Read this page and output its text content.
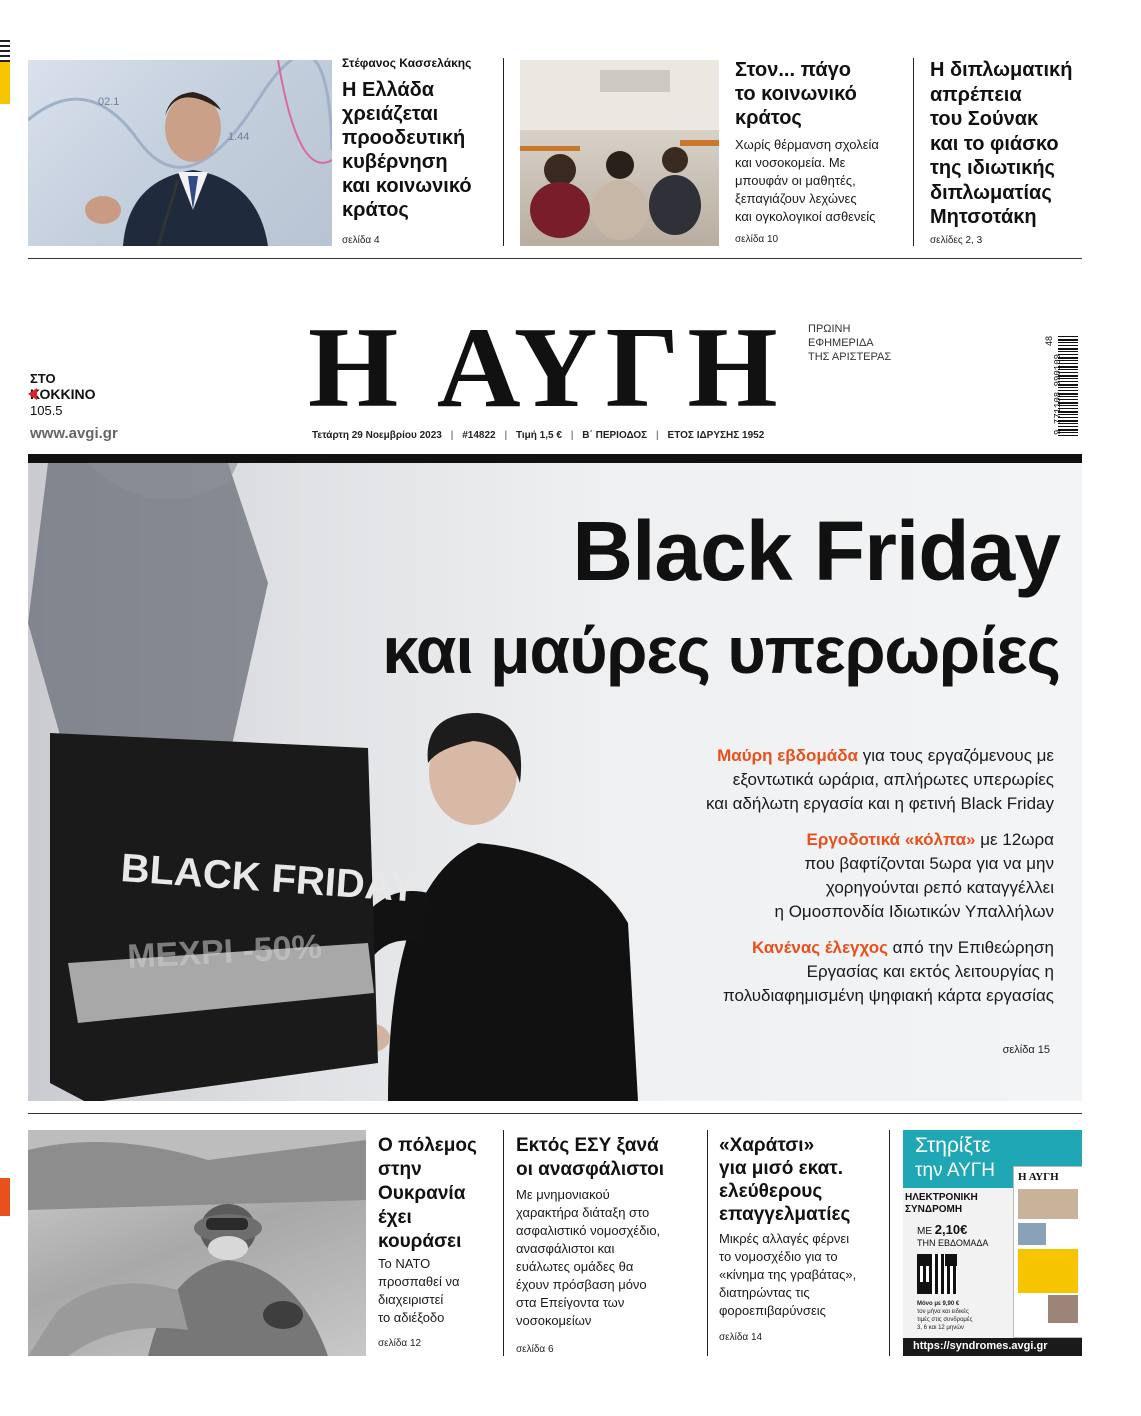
02.1
1.44
Στέφανος Κασσελάκης
Η Ελλάδα
χρειάζεται
προοδευτική
κυβέρνηση
και κοινωνικό
κράτος
σελίδα 4
Στον... πάγο
το κοινωνικό
κράτος
Χωρίς θέρμανση σχολεία
και νοσοκομεία. Με
μπουφάν οι μαθητές,
ξεπαγιάζουν λεχώνες
και ογκολογικοί ασθενείς
σελίδα 10
Η διπλωματική
απρέπεια
του Σούνακ
και το φιάσκο
της ιδιωτικής
διπλωματίας
Μητσοτάκη
σελίδες 2, 3
ΣΤΟ
ΚΟΚΚΙΝΟ
105.5
www.avgi.gr
Η ΑΥΓΗ ΠΡΩΙΝΗ
ΕΦΗΜΕΡΙΔΑ
ΤΗΣ ΑΡΙΣΤΕΡΑΣ
Τετάρτη 29 Νοεμβρίου 2023 | #14822 | Τιμή 1,5 € | Β΄ ΠΕΡΙΟΔΟΣ | ΕΤΟΣ ΙΔΡΥΣΗΣ 1952
9 771108 990109
48
BLACK FRIDAY
ΜΕΧΡΙ -50%
Black Friday
και μαύρες υπερωρίες
Μαύρη εβδομάδα για τους εργαζόμενους με
εξοντωτικά ωράρια, απλήρωτες υπερωρίες
και αδήλωτη εργασία και η φετινή Black Friday
Εργοδοτικά «κόλπα» με 12ωρα
που βαφτίζονται 5ωρα για να μην
χορηγούνται ρεπό καταγγέλλει
η Ομοσπονδία Ιδιωτικών Υπαλλήλων
Κανένας έλεγχος από την Επιθεώρηση
Εργασίας και εκτός λειτουργίας η
πολυδιαφημισμένη ψηφιακή κάρτα εργασίας
σελίδα 15
Ο πόλεμος
στην
Ουκρανία
έχει
κουράσει
Το ΝΑΤΟ
προσπαθεί να
διαχειριστεί
το αδιέξοδο
σελίδα 12
Εκτός ΕΣΥ ξανά
οι ανασφάλιστοι
Με μνημονιακού
χαρακτήρα διάταξη στο
ασφαλιστικό νομοσχέδιο,
ανασφάλιστοι και
ευάλωτες ομάδες θα
έχουν πρόσβαση μόνο
στα Επείγοντα των
νοσοκομείων
σελίδα 6
«Χαράτσι»
για μισό εκατ.
ελεύθερους
επαγγελματίες
Μικρές αλλαγές φέρνει
το νομοσχέδιο για το
«κίνημα της γραβάτας»,
διατηρώντας τις
φοροεπιβαρύνσεις
σελίδα 14
Στηρίξτε
την ΑΥΓΗ
ΗΛΕΚΤΡΟΝΙΚΗ
ΣΥΝΔΡΟΜΗ
ΜΕ 2,10€
ΤΗΝ ΕΒΔΟΜΑΔΑ
Μόνο με 9,90 €
τον μήνα και ειδικές
τιμές στις συνδρομές
3, 6 και 12 μηνών
Η ΑΥΓΗ
https://syndromes.avgi.gr
